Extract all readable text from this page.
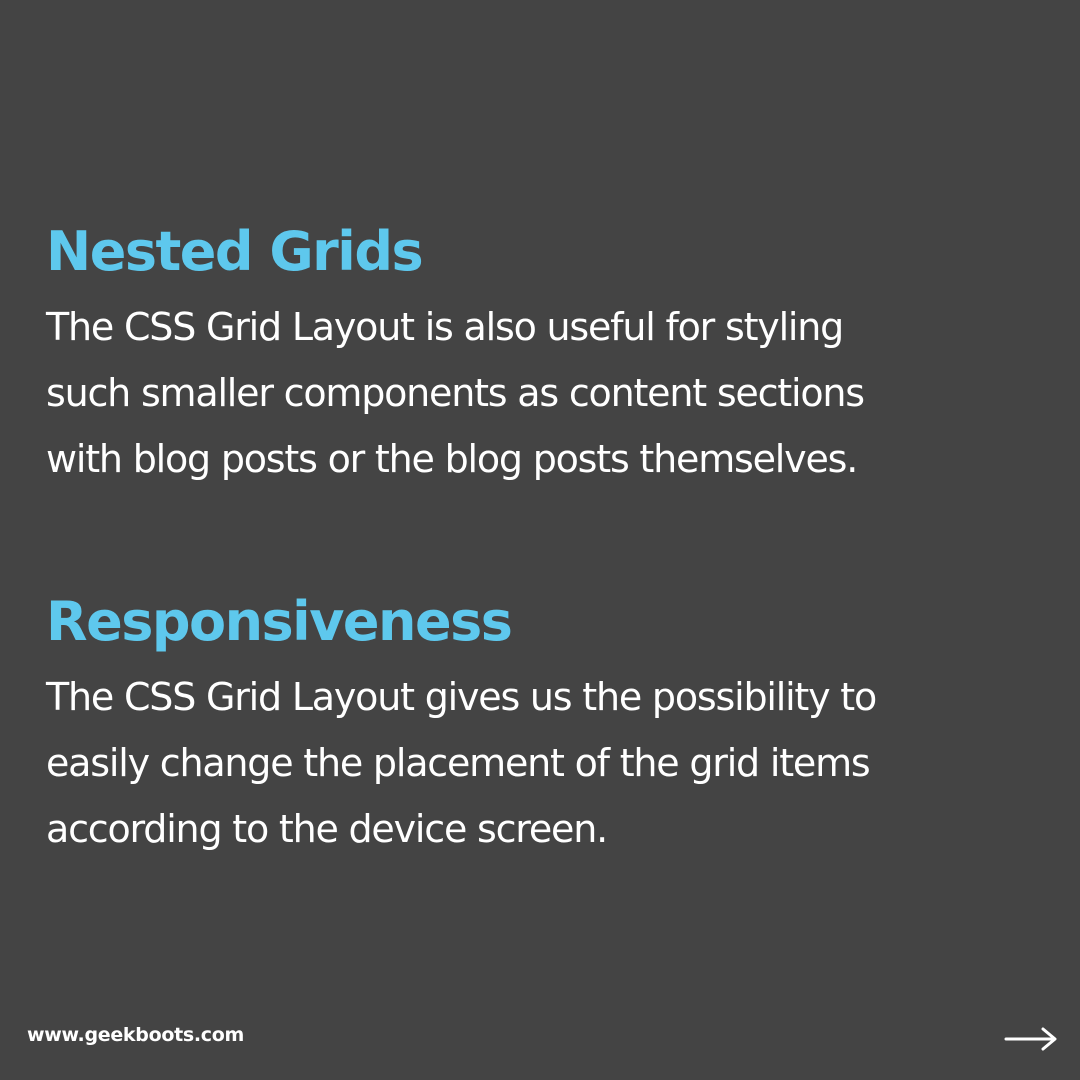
Nested Grids

The CSS Grid Layout is also useful for styling
such smaller components as content sections
with blog posts or the blog posts themselves.

Responsiveness

The CSS Grid Layout gives us the possibility to
easily change the placement of the grid items
according to the device screen.

www.geekboots.com
